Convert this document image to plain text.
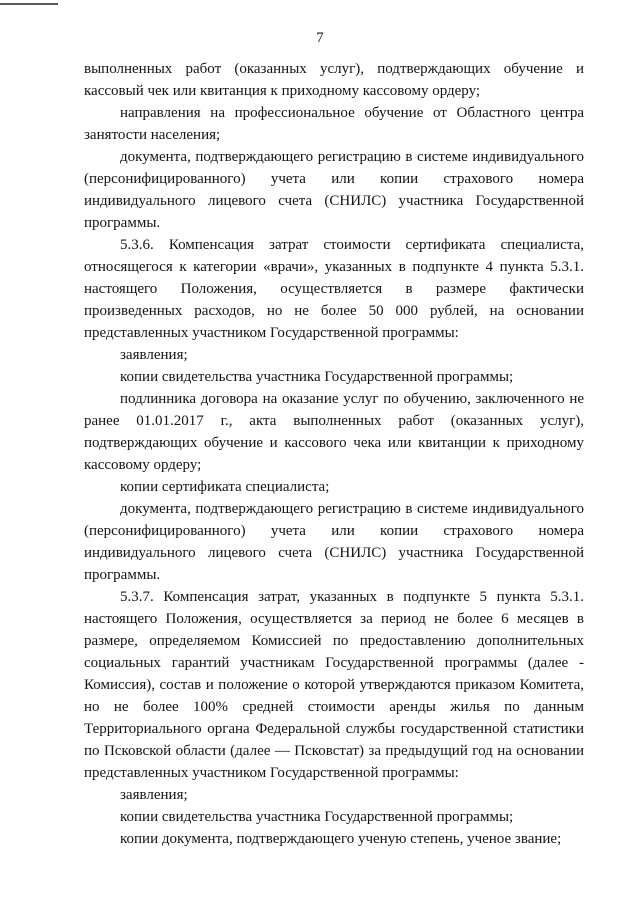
7

выполненных работ (оказанных услуг), подтверждающих обучение и кассовый чек или квитанция к приходному кассовому ордеру;

направления на профессиональное обучение от Областного центра занятости населения;

документа, подтверждающего регистрацию в системе индивидуального (персонифицированного) учета или копии страхового номера индивидуального лицевого счета (СНИЛС) участника Государственной программы.

5.3.6. Компенсация затрат стоимости сертификата специалиста, относящегося к категории «врачи», указанных в подпункте 4 пункта 5.3.1. настоящего Положения, осуществляется в размере фактически произведенных расходов, но не более 50 000 рублей, на основании представленных участником Государственной программы:

заявления;

копии свидетельства участника Государственной программы;

подлинника договора на оказание услуг по обучению, заключенного не ранее 01.01.2017 г., акта выполненных работ (оказанных услуг), подтверждающих обучение и кассового чека или квитанции к приходному кассовому ордеру;

копии сертификата специалиста;

документа, подтверждающего регистрацию в системе индивидуального (персонифицированного) учета или копии страхового номера индивидуального лицевого счета (СНИЛС) участника Государственной программы.

5.3.7. Компенсация затрат, указанных в подпункте 5 пункта 5.3.1. настоящего Положения, осуществляется за период не более 6 месяцев в размере, определяемом Комиссией по предоставлению дополнительных социальных гарантий участникам Государственной программы (далее - Комиссия), состав и положение о которой утверждаются приказом Комитета, но не более 100% средней стоимости аренды жилья по данным Территориального органа Федеральной службы государственной статистики по Псковской области (далее — Псковстат) за предыдущий год на основании представленных участником Государственной программы:

заявления;

копии свидетельства участника Государственной программы;

копии документа, подтверждающего ученую степень, ученое звание;
